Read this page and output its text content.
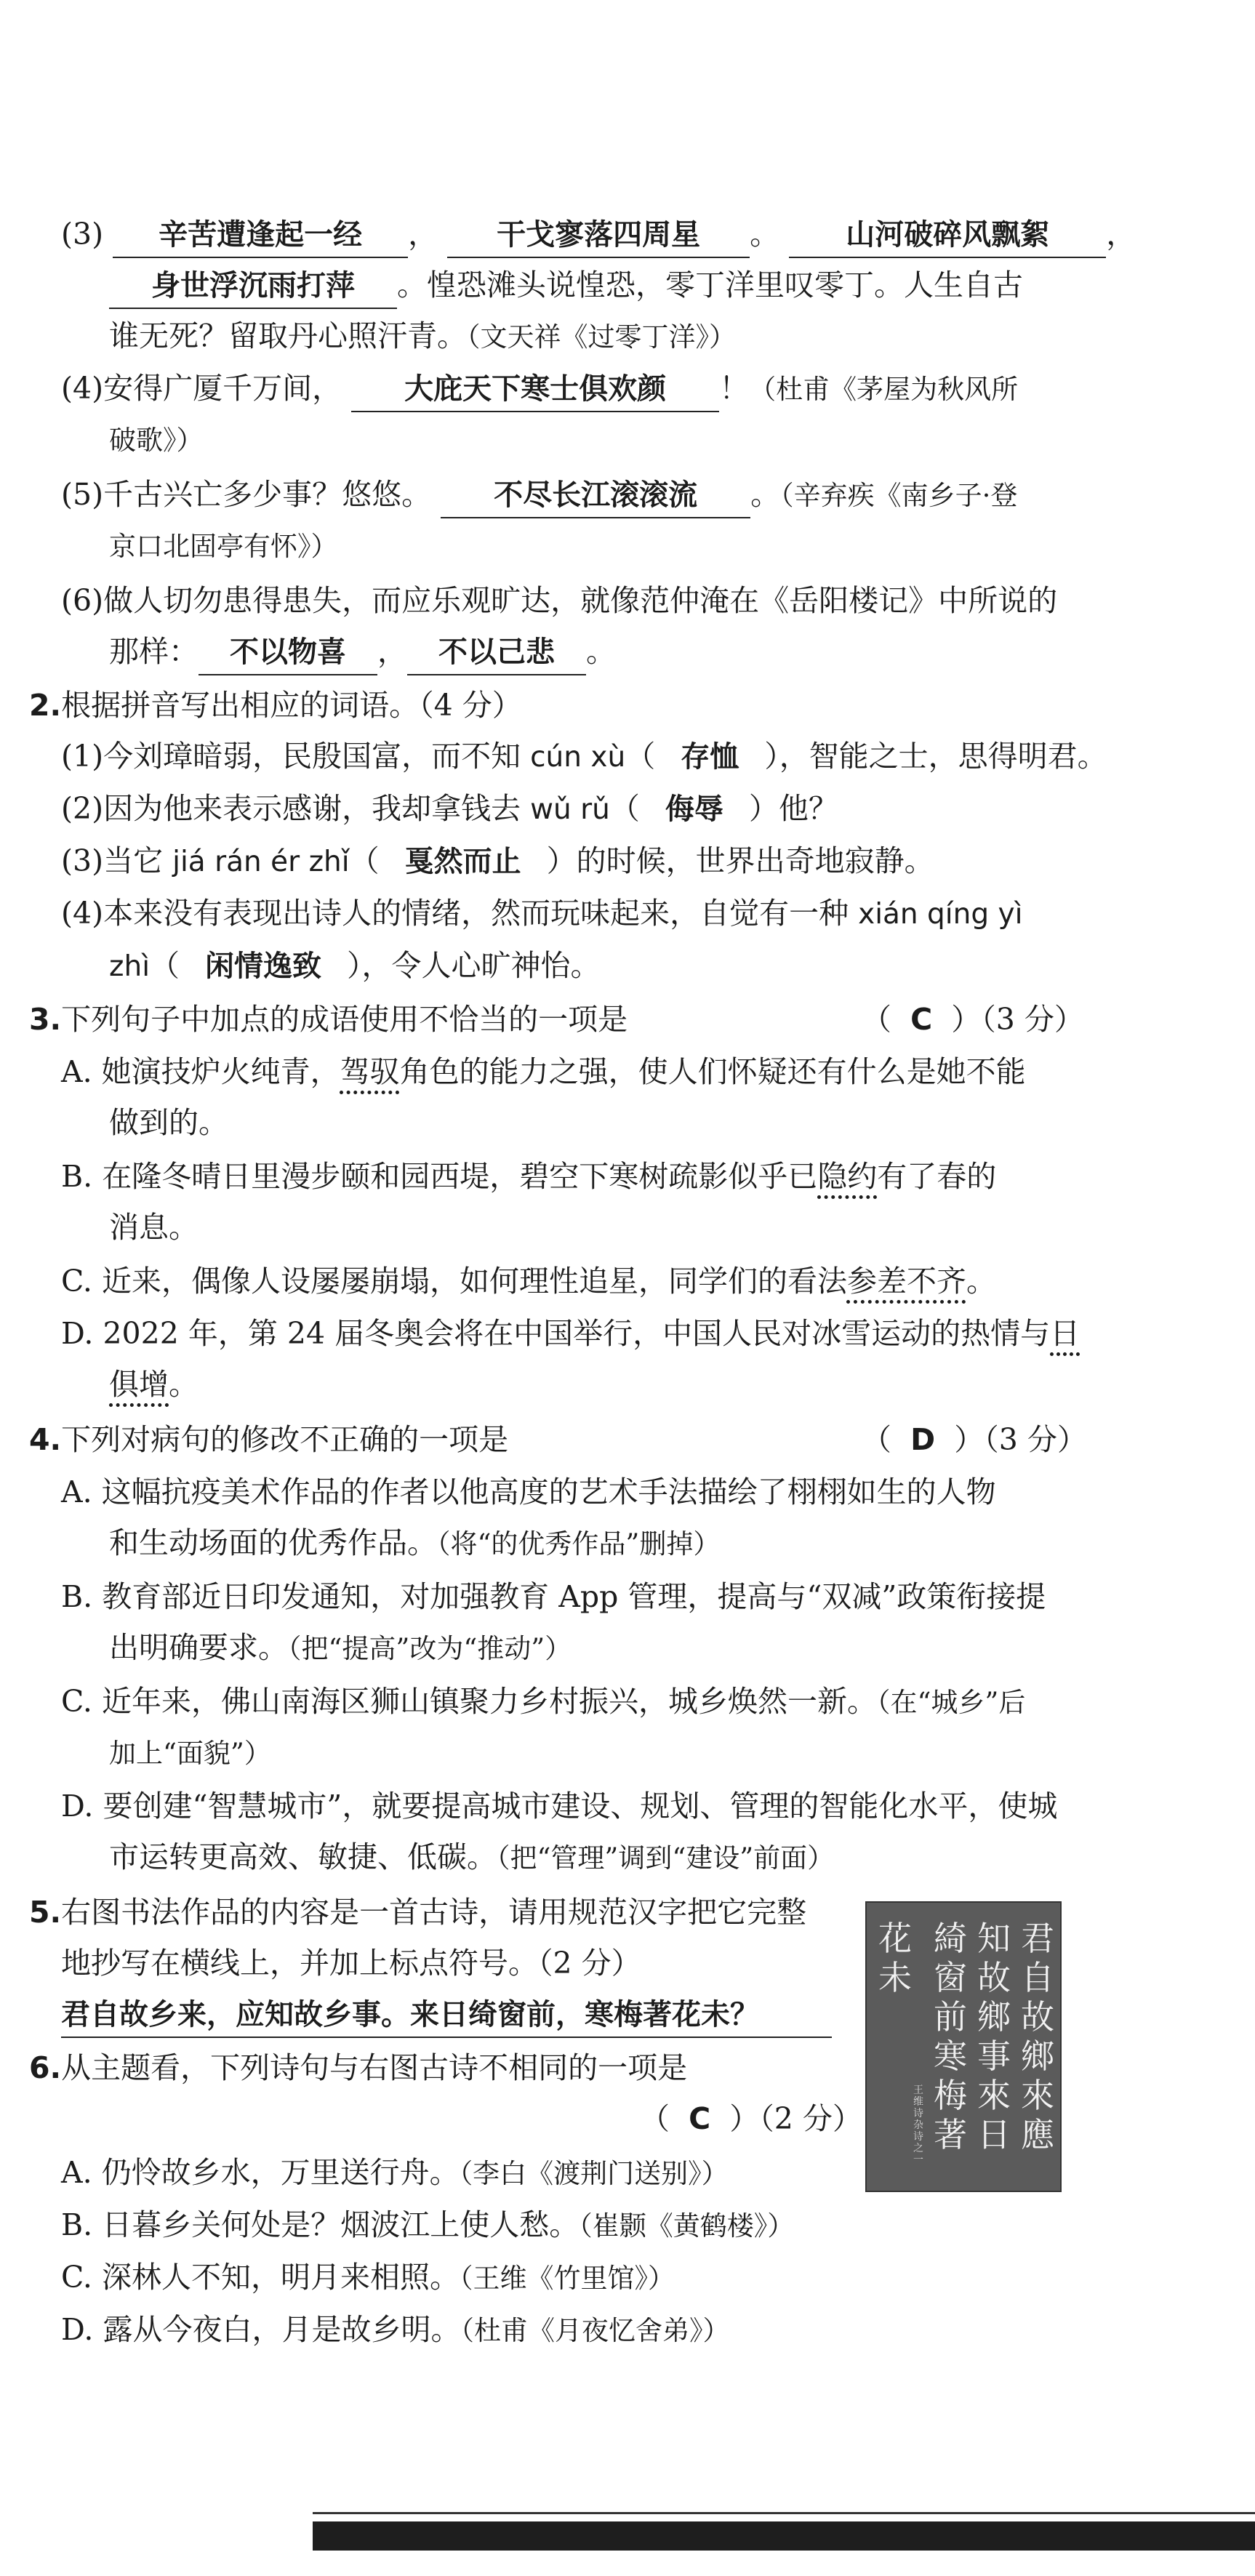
(3) 辛苦遭逢起一经 ， 干戈寥落四周星 。 山河破碎风飘絮 ，
身世浮沉雨打萍 。惶恐滩头说惶恐，零丁洋里叹零丁。人生自古
谁无死？留取丹心照汗青。（文天祥《过零丁洋》）
(4)安得广厦千万间， 大庇天下寒士俱欢颜 ！（杜甫《茅屋为秋风所
破歌》）
(5)千古兴亡多少事？悠悠。 不尽长江滚滚流 。（辛弃疾《南乡子·登
京口北固亭有怀》）
(6)做人切勿患得患失，而应乐观旷达，就像范仲淹在《岳阳楼记》中所说的
那样： 不以物喜 ， 不以己悲 。
2.根据拼音写出相应的词语。（4 分）
(1)今刘璋暗弱，民殷国富，而不知 cún xù（ 存恤 ），智能之士，思得明君。
(2)因为他来表示感谢，我却拿钱去 wǔ rǔ（ 侮辱 ）他？
(3)当它 jiá rán ér zhǐ（ 戛然而止 ）的时候，世界出奇地寂静。
(4)本来没有表现出诗人的情绪，然而玩味起来，自觉有一种 xián qíng yì
zhì（ 闲情逸致 ），令人心旷神怡。
3.下列句子中加点的成语使用不恰当的一项是	（  C  ）（3 分）
A. 她演技炉火纯青，驾驭角色的能力之强，使人们怀疑还有什么是她不能
做到的。
B. 在隆冬晴日里漫步颐和园西堤，碧空下寒树疏影似乎已隐约有了春的
消息。
C. 近来，偶像人设屡屡崩塌，如何理性追星，同学们的看法参差不齐。
D. 2022 年，第 24 届冬奥会将在中国举行，中国人民对冰雪运动的热情与日
俱增。
4.下列对病句的修改不正确的一项是	（  D  ）（3 分）
A. 这幅抗疫美术作品的作者以他高度的艺术手法描绘了栩栩如生的人物
和生动场面的优秀作品。（将“的优秀作品”删掉）
B. 教育部近日印发通知，对加强教育 App 管理，提高与“双减”政策衔接提
出明确要求。（把“提高”改为“推动”）
C. 近年来，佛山南海区狮山镇聚力乡村振兴，城乡焕然一新。（在“城乡”后
加上“面貌”）
D. 要创建“智慧城市”，就要提高城市建设、规划、管理的智能化水平，使城
市运转更高效、敏捷、低碳。（把“管理”调到“建设”前面）
5.右图书法作品的内容是一首古诗，请用规范汉字把它完整
地抄写在横线上，并加上标点符号。（2 分）
君自故乡来，应知故乡事。来日绮窗前，寒梅著花未？
君自故鄉來應
知故鄉事來日
綺窗前寒梅著
花未
王维诗杂诗之一
6.从主题看，下列诗句与右图古诗不相同的一项是
（  C  ）（2 分）
A. 仍怜故乡水，万里送行舟。（李白《渡荆门送别》）
B. 日暮乡关何处是？烟波江上使人愁。（崔颢《黄鹤楼》）
C. 深林人不知，明月来相照。（王维《竹里馆》）
D. 露从今夜白，月是故乡明。（杜甫《月夜忆舍弟》）
